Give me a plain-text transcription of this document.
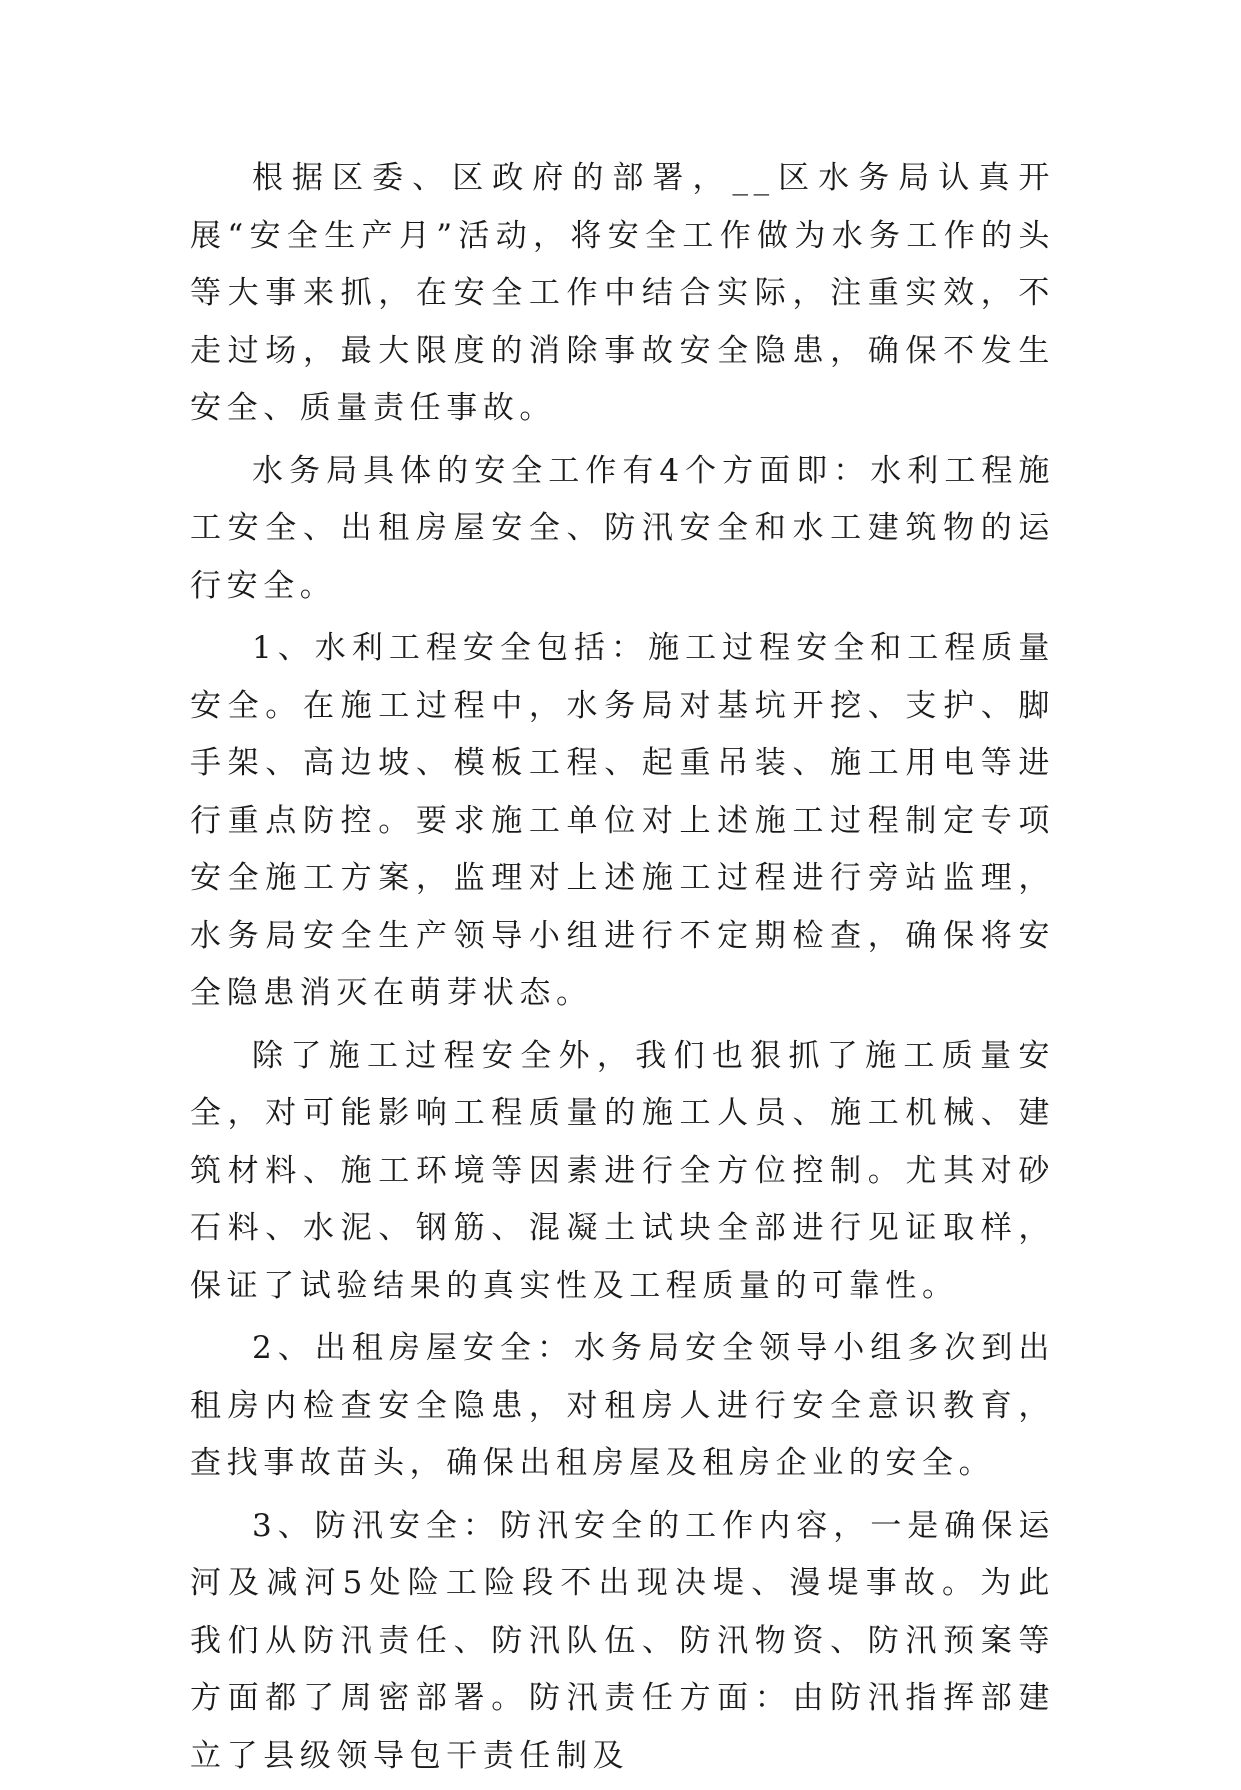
根据区委、区政府的部署，__区水务局认真开展“安全生产月”活动，将安全工作做为水务工作的头等大事来抓，在安全工作中结合实际，注重实效，不走过场，最大限度的消除事故安全隐患，确保不发生安全、质量责任事故。

水务局具体的安全工作有4个方面即：水利工程施工安全、出租房屋安全、防汛安全和水工建筑物的运行安全。

1、水利工程安全包括：施工过程安全和工程质量安全。在施工过程中，水务局对基坑开挖、支护、脚手架、高边坡、模板工程、起重吊装、施工用电等进行重点防控。要求施工单位对上述施工过程制定专项安全施工方案，监理对上述施工过程进行旁站监理，水务局安全生产领导小组进行不定期检查，确保将安全隐患消灭在萌芽状态。

除了施工过程安全外，我们也狠抓了施工质量安全，对可能影响工程质量的施工人员、施工机械、建筑材料、施工环境等因素进行全方位控制。尤其对砂石料、水泥、钢筋、混凝土试块全部进行见证取样，保证了试验结果的真实性及工程质量的可靠性。

2、出租房屋安全：水务局安全领导小组多次到出租房内检查安全隐患，对租房人进行安全意识教育，查找事故苗头，确保出租房屋及租房企业的安全。

3、防汛安全：防汛安全的工作内容，一是确保运河及减河5处险工险段不出现决堤、漫堤事故。为此我们从防汛责任、防汛队伍、防汛物资、防汛预案等方面都了周密部署。防汛责任方面：由防汛指挥部建立了县级领导包干责任制及
